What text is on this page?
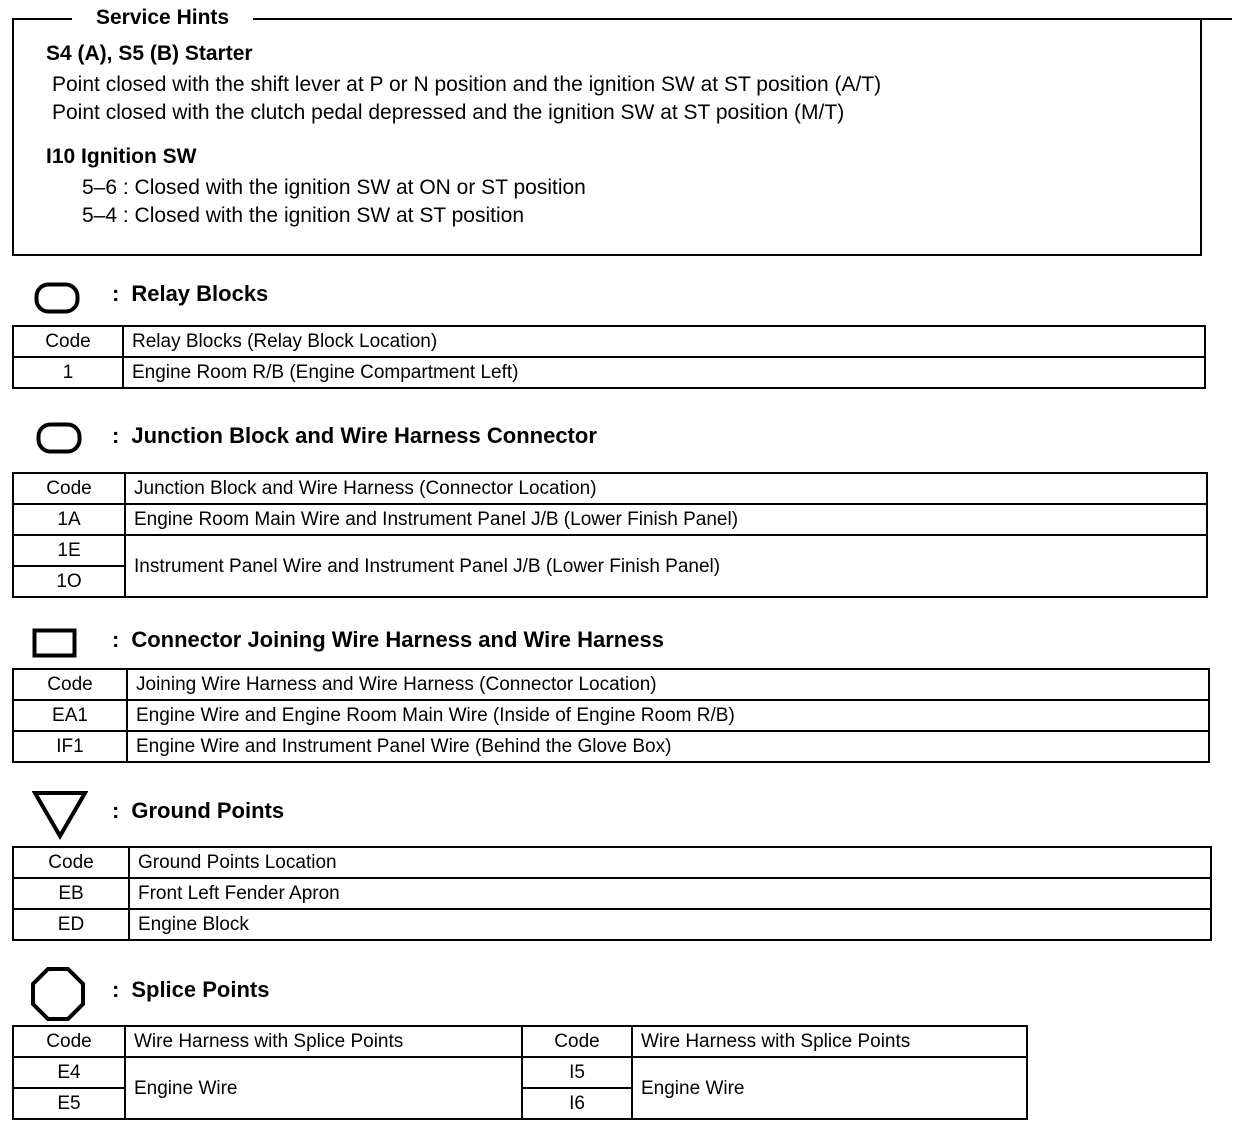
Service Hints
S4 (A), S5 (B) Starter
Point closed with the shift lever at P or N position and the ignition SW at ST position (A/T)
Point closed with the clutch pedal depressed and the ignition SW at ST position (M/T)
I10 Ignition SW
5–6 : Closed with the ignition SW at ON or ST position
5–4 : Closed with the ignition SW at ST position
: Relay Blocks
Code	Relay Blocks (Relay Block Location)
1	Engine Room R/B (Engine Compartment Left)
: Junction Block and Wire Harness Connector
Code	Junction Block and Wire Harness (Connector Location)
1A	Engine Room Main Wire and Instrument Panel J/B (Lower Finish Panel)
1E	Instrument Panel Wire and Instrument Panel J/B (Lower Finish Panel)
1O	
: Connector Joining Wire Harness and Wire Harness
Code	Joining Wire Harness and Wire Harness (Connector Location)
EA1	Engine Wire and Engine Room Main Wire (Inside of Engine Room R/B)
IF1	Engine Wire and Instrument Panel Wire (Behind the Glove Box)
: Ground Points
Code	Ground Points Location
EB	Front Left Fender Apron
ED	Engine Block
: Splice Points
Code	Wire Harness with Splice Points	Code	Wire Harness with Splice Points
E4	Engine Wire	I5	Engine Wire
E5		I6	
